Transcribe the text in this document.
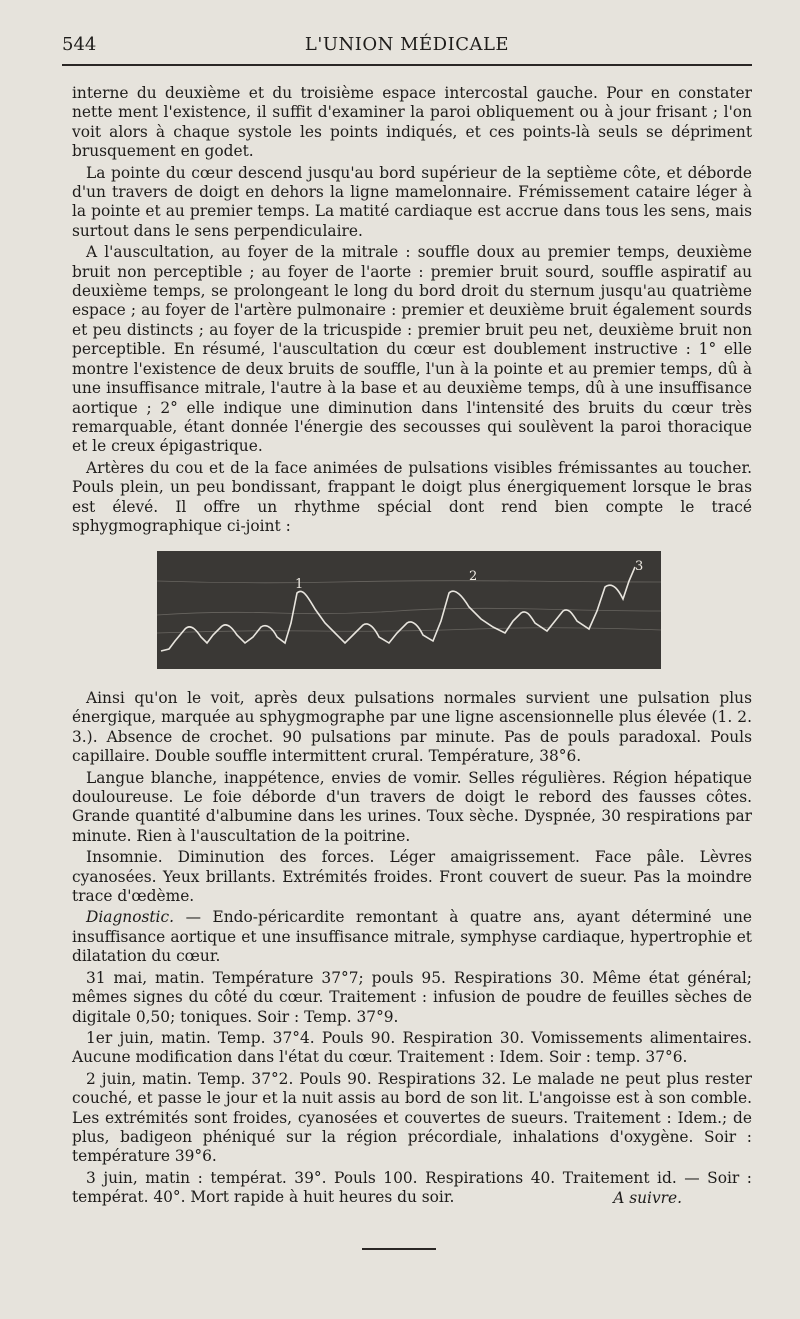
544	L'UNION MÉDICALE

interne du deuxième et du troisième espace intercostal gauche. Pour en constater nette ment l'existence, il suffit d'examiner la paroi obliquement ou à jour frisant ; l'on voit alors à chaque systole les points indiqués, et ces points-là seuls se dépriment brusquement en godet.

La pointe du cœur descend jusqu'au bord supérieur de la septième côte, et déborde d'un travers de doigt en dehors la ligne mamelonnaire. Frémissement cataire léger à la pointe et au premier temps. La matité cardiaque est accrue dans tous les sens, mais surtout dans le sens perpendiculaire.

A l'auscultation, au foyer de la mitrale : souffle doux au premier temps, deuxième bruit non perceptible ; au foyer de l'aorte : premier bruit sourd, souffle aspiratif au deuxième temps, se prolongeant le long du bord droit du sternum jusqu'au quatrième espace ; au foyer de l'artère pulmonaire : premier et deuxième bruit également sourds et peu distincts ; au foyer de la tricuspide : premier bruit peu net, deuxième bruit non perceptible. En résumé, l'auscultation du cœur est doublement instructive : 1° elle montre l'existence de deux bruits de souffle, l'un à la pointe et au premier temps, dû à une insuffisance mitrale, l'autre à la base et au deuxième temps, dû à une insuffisance aortique ; 2° elle indique une diminution dans l'intensité des bruits du cœur très remarquable, étant donnée l'énergie des secousses qui soulèvent la paroi thoracique et le creux épigastrique.

Artères du cou et de la face animées de pulsations visibles frémissantes au toucher. Pouls plein, un peu bondissant, frappant le doigt plus énergiquement lorsque le bras est élevé. Il offre un rhythme spécial dont rend bien compte le tracé sphygmographique ci-joint :

1
2
3

Ainsi qu'on le voit, après deux pulsations normales survient une pulsation plus énergique, marquée au sphygmographe par une ligne ascensionnelle plus élevée (1. 2. 3.). Absence de crochet. 90 pulsations par minute. Pas de pouls paradoxal. Pouls capillaire. Double souffle intermittent crural. Température, 38°6.

Langue blanche, inappétence, envies de vomir. Selles régulières. Région hépatique douloureuse. Le foie déborde d'un travers de doigt le rebord des fausses côtes. Grande quantité d'albumine dans les urines. Toux sèche. Dyspnée, 30 respirations par minute. Rien à l'auscultation de la poitrine.

Insomnie. Diminution des forces. Léger amaigrissement. Face pâle. Lèvres cyanosées. Yeux brillants. Extrémités froides. Front couvert de sueur. Pas la moindre trace d'œdème.

Diagnostic. — Endo-péricardite remontant à quatre ans, ayant déterminé une insuffisance aortique et une insuffisance mitrale, symphyse cardiaque, hypertrophie et dilatation du cœur.

31 mai, matin. Température 37°7; pouls 95. Respirations 30. Même état général; mêmes signes du côté du cœur. Traitement : infusion de poudre de feuilles sèches de digitale 0,50; toniques. Soir : Temp. 37°9.

1er juin, matin. Temp. 37°4. Pouls 90. Respiration 30. Vomissements alimentaires. Aucune modification dans l'état du cœur. Traitement : Idem. Soir : temp. 37°6.

2 juin, matin. Temp. 37°2. Pouls 90. Respirations 32. Le malade ne peut plus rester couché, et passe le jour et la nuit assis au bord de son lit. L'angoisse est à son comble. Les extrémités sont froides, cyanosées et couvertes de sueurs. Traitement : Idem.; de plus, badigeon phéniqué sur la région précordiale, inhalations d'oxygène. Soir : température 39°6.

3 juin, matin : températ. 39°. Pouls 100. Respirations 40. Traitement id. — Soir : températ. 40°. Mort rapide à huit heures du soir.	A suivre.
